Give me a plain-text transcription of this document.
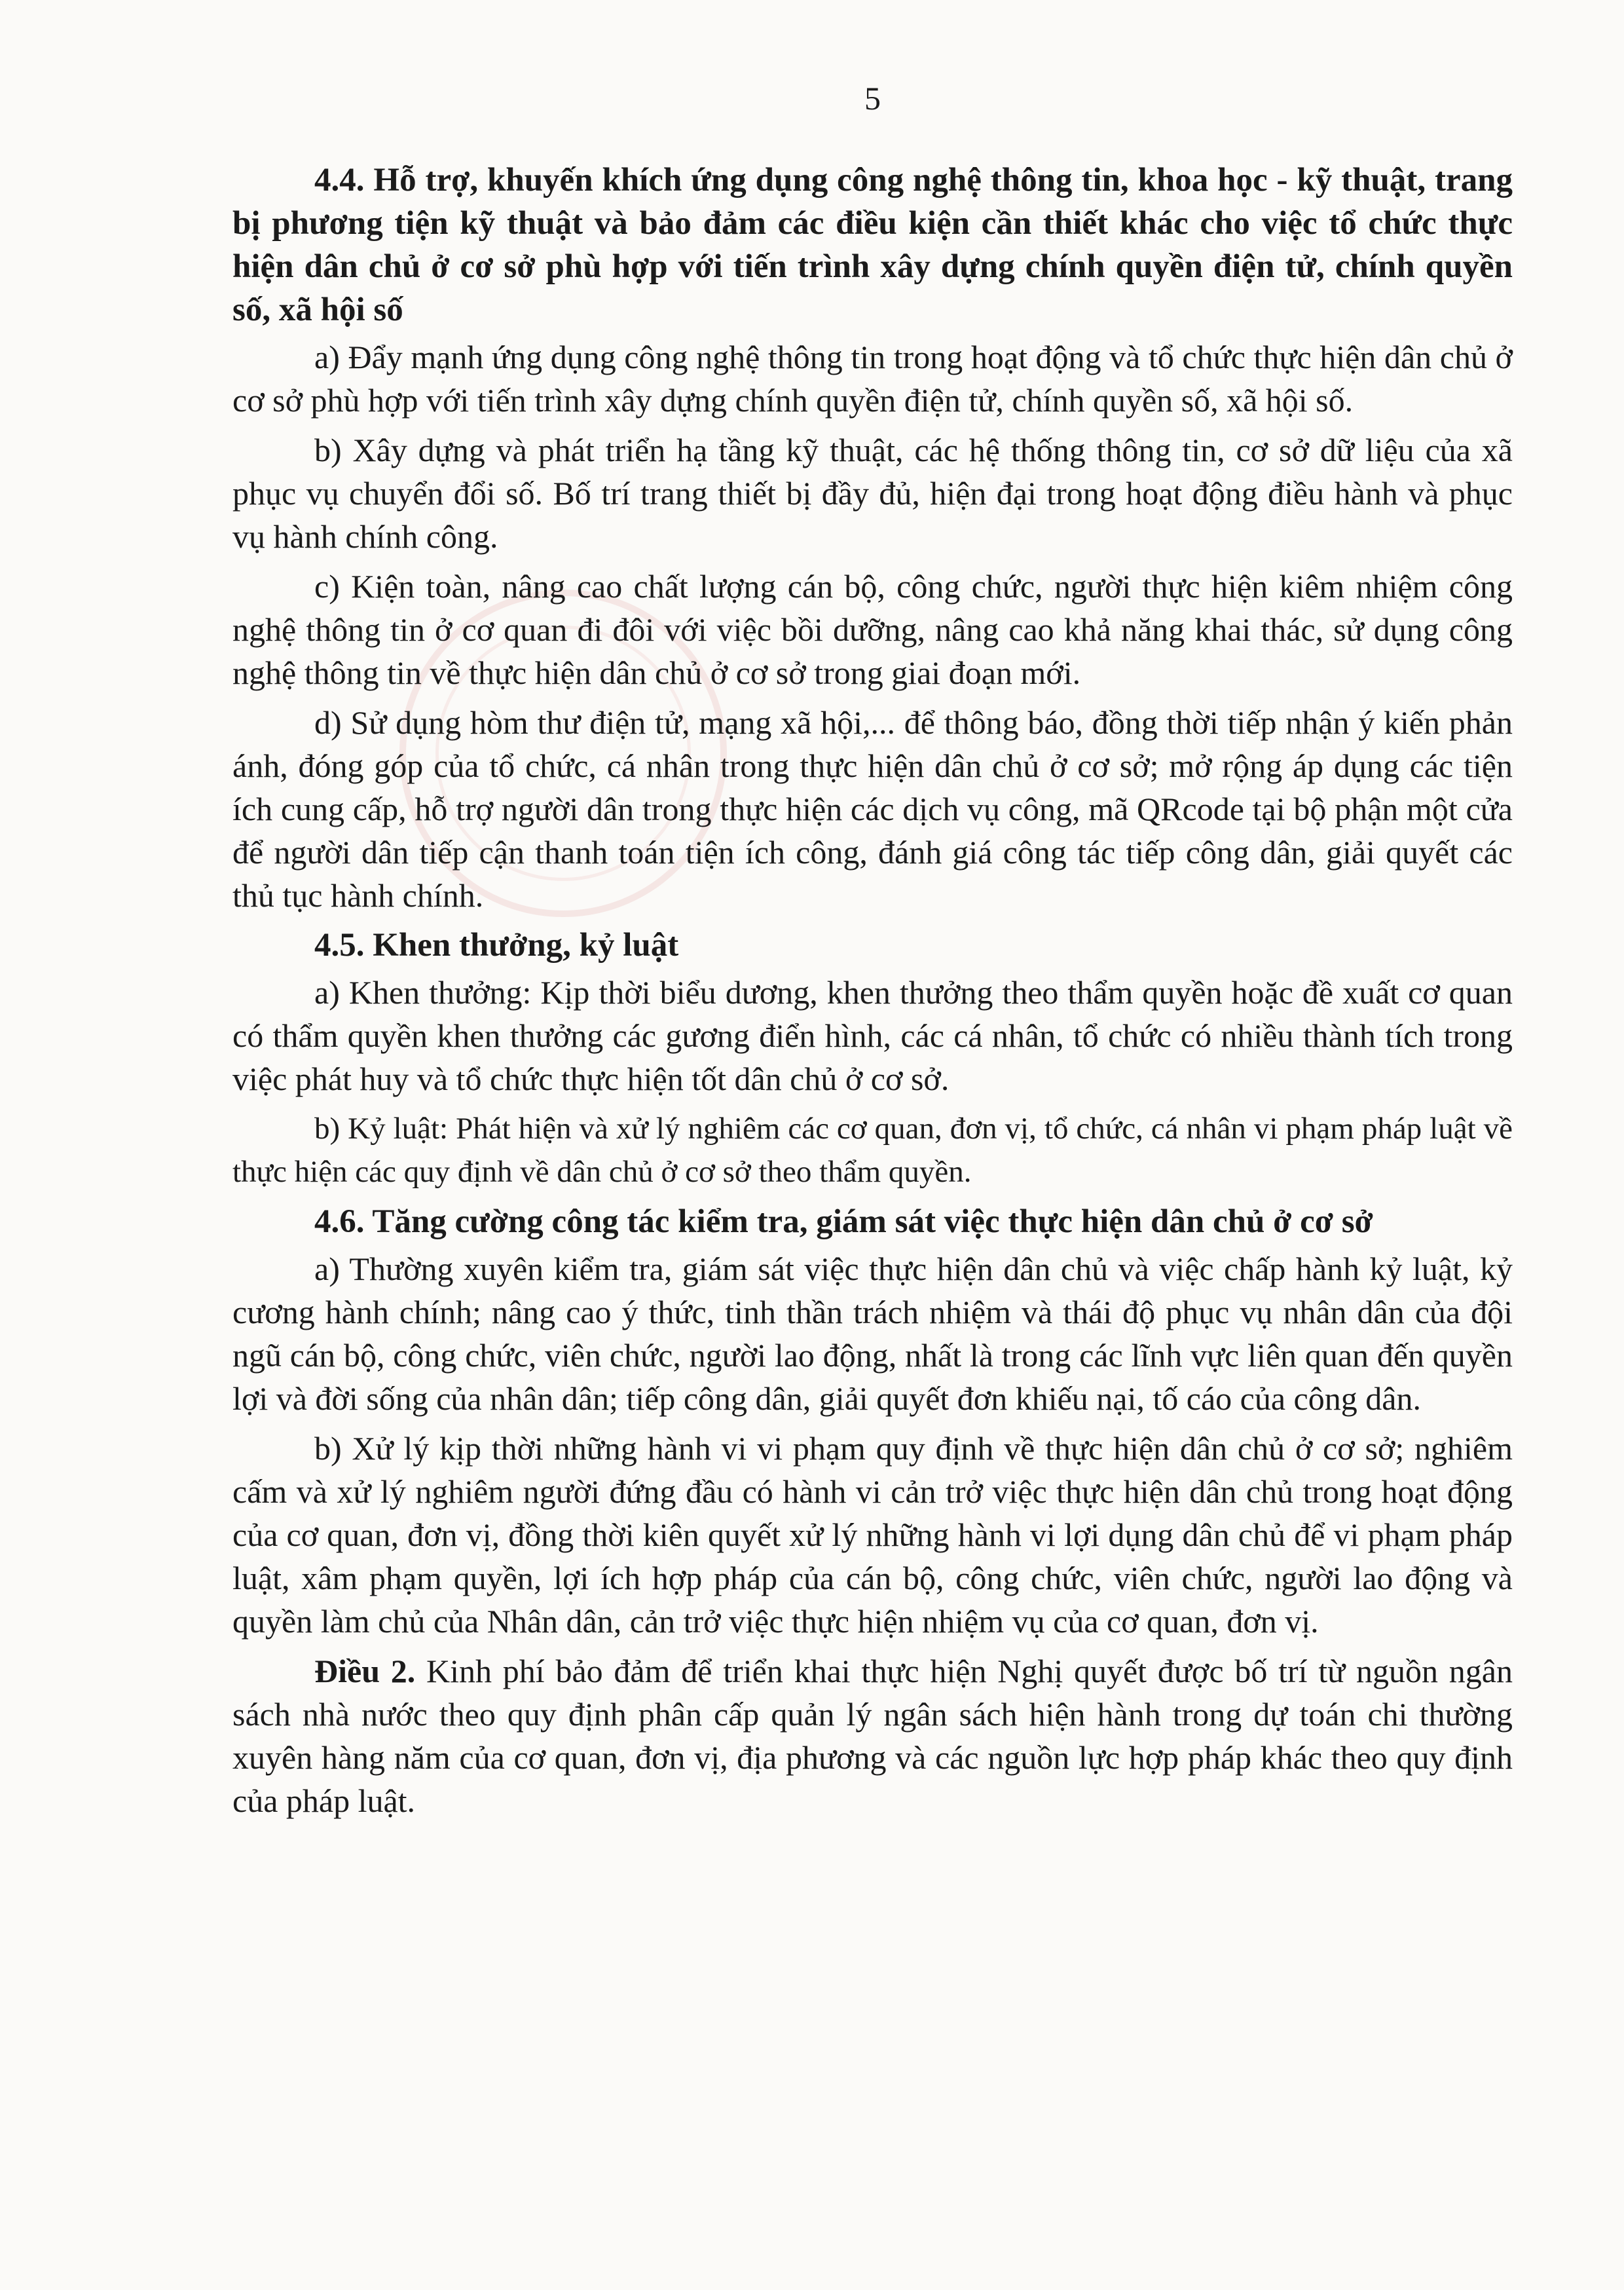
5

4.4. Hỗ trợ, khuyến khích ứng dụng công nghệ thông tin, khoa học - kỹ thuật, trang bị phương tiện kỹ thuật và bảo đảm các điều kiện cần thiết khác cho việc tổ chức thực hiện dân chủ ở cơ sở phù hợp với tiến trình xây dựng chính quyền điện tử, chính quyền số, xã hội số

a) Đẩy mạnh ứng dụng công nghệ thông tin trong hoạt động và tổ chức thực hiện dân chủ ở cơ sở phù hợp với tiến trình xây dựng chính quyền điện tử, chính quyền số, xã hội số.

b) Xây dựng và phát triển hạ tầng kỹ thuật, các hệ thống thông tin, cơ sở dữ liệu của xã phục vụ chuyển đổi số. Bố trí trang thiết bị đầy đủ, hiện đại trong hoạt động điều hành và phục vụ hành chính công.

c) Kiện toàn, nâng cao chất lượng cán bộ, công chức, người thực hiện kiêm nhiệm công nghệ thông tin ở cơ quan đi đôi với việc bồi dưỡng, nâng cao khả năng khai thác, sử dụng công nghệ thông tin về thực hiện dân chủ ở cơ sở trong giai đoạn mới.

d) Sử dụng hòm thư điện tử, mạng xã hội,... để thông báo, đồng thời tiếp nhận ý kiến phản ánh, đóng góp của tổ chức, cá nhân trong thực hiện dân chủ ở cơ sở; mở rộng áp dụng các tiện ích cung cấp, hỗ trợ người dân trong thực hiện các dịch vụ công, mã QRcode tại bộ phận một cửa để người dân tiếp cận thanh toán tiện ích công, đánh giá công tác tiếp công dân, giải quyết các thủ tục hành chính.

4.5. Khen thưởng, kỷ luật

a) Khen thưởng: Kịp thời biểu dương, khen thưởng theo thẩm quyền hoặc đề xuất cơ quan có thẩm quyền khen thưởng các gương điển hình, các cá nhân, tổ chức có nhiều thành tích trong việc phát huy và tổ chức thực hiện tốt dân chủ ở cơ sở.

b) Kỷ luật: Phát hiện và xử lý nghiêm các cơ quan, đơn vị, tổ chức, cá nhân vi phạm pháp luật về thực hiện các quy định về dân chủ ở cơ sở theo thẩm quyền.

4.6. Tăng cường công tác kiểm tra, giám sát việc thực hiện dân chủ ở cơ sở

a) Thường xuyên kiểm tra, giám sát việc thực hiện dân chủ và việc chấp hành kỷ luật, kỷ cương hành chính; nâng cao ý thức, tinh thần trách nhiệm và thái độ phục vụ nhân dân của đội ngũ cán bộ, công chức, viên chức, người lao động, nhất là trong các lĩnh vực liên quan đến quyền lợi và đời sống của nhân dân; tiếp công dân, giải quyết đơn khiếu nại, tố cáo của công dân.

b) Xử lý kịp thời những hành vi vi phạm quy định về thực hiện dân chủ ở cơ sở; nghiêm cấm và xử lý nghiêm người đứng đầu có hành vi cản trở việc thực hiện dân chủ trong hoạt động của cơ quan, đơn vị, đồng thời kiên quyết xử lý những hành vi lợi dụng dân chủ để vi phạm pháp luật, xâm phạm quyền, lợi ích hợp pháp của cán bộ, công chức, viên chức, người lao động và quyền làm chủ của Nhân dân, cản trở việc thực hiện nhiệm vụ của cơ quan, đơn vị.

Điều 2. Kinh phí bảo đảm để triển khai thực hiện Nghị quyết được bố trí từ nguồn ngân sách nhà nước theo quy định phân cấp quản lý ngân sách hiện hành trong dự toán chi thường xuyên hàng năm của cơ quan, đơn vị, địa phương và các nguồn lực hợp pháp khác theo quy định của pháp luật.
